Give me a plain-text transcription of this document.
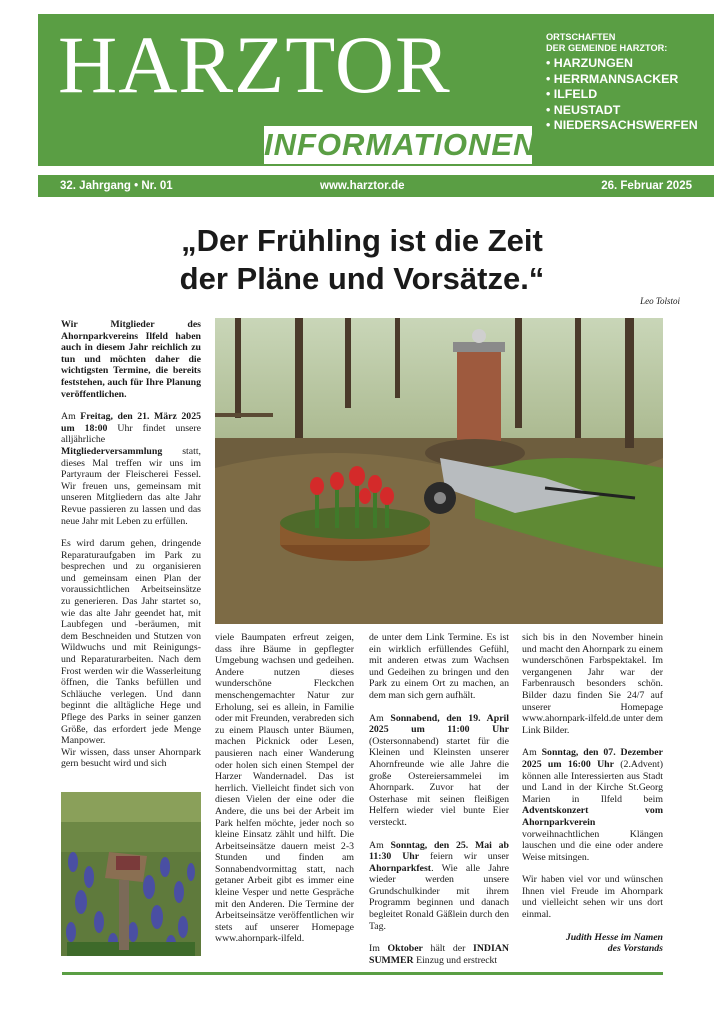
HARZTOR
INFORMATIONEN
ORTSCHAFTEN
DER GEMEINDE HARZTOR:
• HARZUNGEN
• HERRMANNSACKER
• ILFELD
• NEUSTADT
• NIEDERSACHSWERFEN
32. Jahrgang • Nr. 01	www.harztor.de	26. Februar 2025
„Der Frühling ist die Zeit
der Pläne und Vorsätze.“
Leo Tolstoi

Wir Mitglieder des Ahornparkvereins Ilfeld haben auch in diesem Jahr reichlich zu tun und möchten daher die wichtigsten Termine, die bereits feststehen, auch für Ihre Planung veröffentlichen.

Am Freitag, den 21. März 2025 um 18:00 Uhr findet unsere alljährliche Mitgliederversammlung statt, dieses Mal treffen wir uns im Partyraum der Fleischerei Fessel. Wir freuen uns, gemeinsam mit unseren Mitgliedern das alte Jahr Revue passieren zu lassen und das neue Jahr mit Leben zu erfüllen.

Es wird darum gehen, dringende Reparaturaufgaben im Park zu besprechen und zu organisieren und gemeinsam einen Plan der voraussichtlichen Arbeitseinsätze zu generieren. Das Jahr startet so, wie das alte Jahr geendet hat, mit Laubfegen und -beräumen, mit dem Beschneiden und Stutzen von Wildwuchs und mit Reinigungs- und Reparaturarbeiten. Nach dem Frost werden wir die Wasserleitung öffnen, die Tanks befüllen und Schläuche verlegen. Und dann beginnt die alltägliche Hege und Pflege des Parks in seiner ganzen Größe, das erfordert jede Menge Manpower.

Wir wissen, dass unser Ahornpark gern besucht wird und sich

viele Baumpaten erfreut zeigen, dass ihre Bäume in gepflegter Umgebung wachsen und gedeihen. Andere nutzen dieses wunderschöne Fleckchen menschengemachter Natur zur Erholung, sei es allein, in Familie oder mit Freunden, verabreden sich zu einem Plausch unter Bäumen, machen Picknick oder Lesen, pausieren nach einer Wanderung oder holen sich einen Stempel der Harzer Wandernadel. Das ist herrlich. Vielleicht findet sich von diesen Vielen der eine oder die Andere, die uns bei der Arbeit im Park helfen möchte, jeder noch so kleine Einsatz zählt und hilft. Die Arbeitseinsätze dauern meist 2-3 Stunden und finden am Sonnabendvormittag statt, nach getaner Arbeit gibt es immer eine kleine Vesper und nette Gespräche mit den Anderen. Die Termine der Arbeitseinsätze veröffentlichen wir stets auf unserer Homepage www.ahornpark-ilfeld.

de unter dem Link Termine. Es ist ein wirklich erfüllendes Gefühl, mit anderen etwas zum Wachsen und Gedeihen zu bringen und den Park zu einem Ort zu machen, an dem man sich gern aufhält.

Am Sonnabend, den 19. April 2025 um 11:00 Uhr (Ostersonnabend) startet für die Kleinen und Kleinsten unserer Ahornfreunde wie alle Jahre die große Ostereiersammelei im Ahornpark. Zuvor hat der Osterhase mit seinen fleißigen Helfern wieder viel bunte Eier versteckt.

Am Sonntag, den 25. Mai ab 11:30 Uhr feiern wir unser Ahornparkfest. Wie alle Jahre wieder werden unsere Grundschulkinder mit ihrem Programm beginnen und danach begleitet Ronald Gäßlein durch den Tag.

Im Oktober hält der INDIAN SUMMER Einzug und erstreckt

sich bis in den November hinein und macht den Ahornpark zu einem wunderschönen Farbspektakel. Im vergangenen Jahr war der Farbenrausch besonders schön. Bilder dazu finden Sie 24/7 auf unserer Homepage www.ahornpark-ilfeld.de unter dem Link Bilder.

Am Sonntag, den 07. Dezember 2025 um 16:00 Uhr (2.Advent) können alle Interessierten aus Stadt und Land in der Kirche St.Georg Marien in Ilfeld beim Adventskonzert vom Ahornparkverein vorweihnachtlichen Klängen lauschen und die eine oder andere Weise mitsingen.

Wir haben viel vor und wünschen Ihnen viel Freude im Ahornpark und vielleicht sehen wir uns dort einmal.

Judith Hesse im Namen
des Vorstands
